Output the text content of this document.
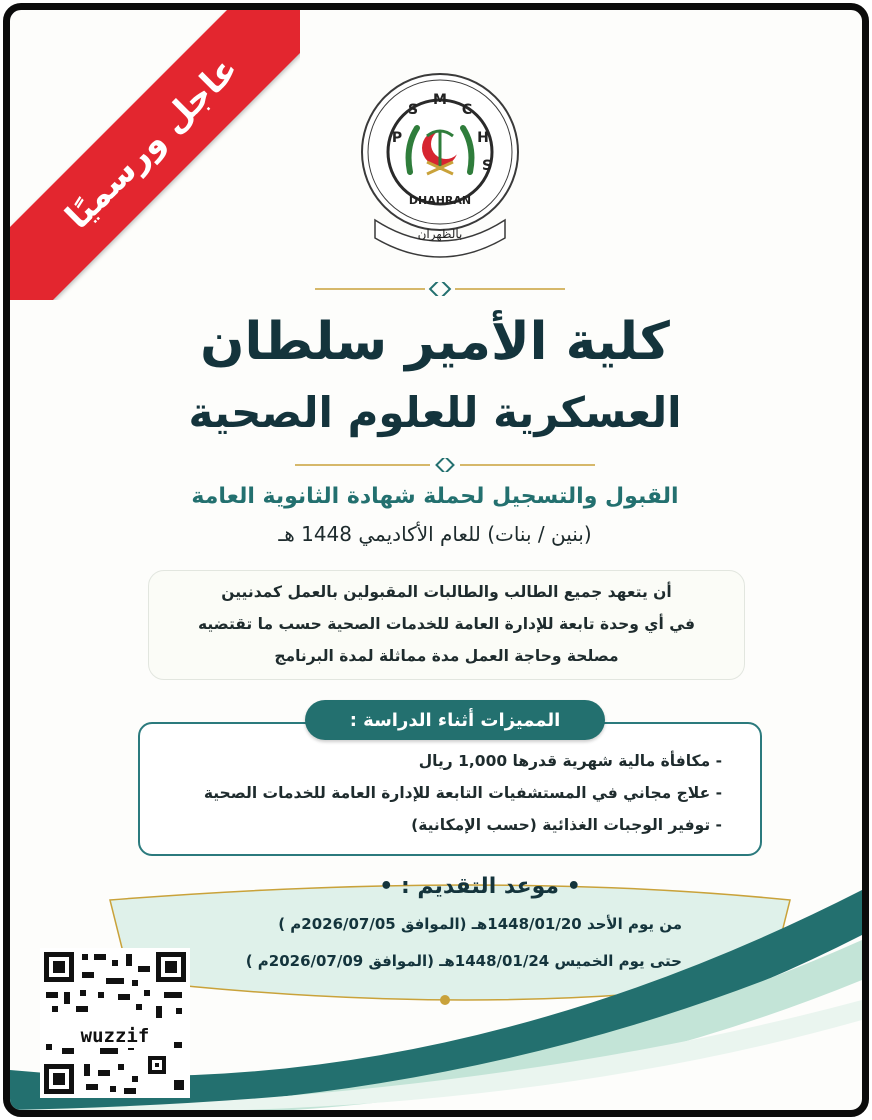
عاجل ورسميًا	P
S
M
C
H
S
DHAHRAN
بالظهران
كلية الأمير سلطان
العسكرية للعلوم الصحية
القبول والتسجيل لحملة شهادة الثانوية العامة
(بنين / بنات) للعام الأكاديمي 1448 هـ
أن يتعهد جميع الطالب والطالبات المقبولين بالعمل كمدنيين
في أي وحدة تابعة للإدارة العامة للخدمات الصحية حسب ما تقتضيه
مصلحة وحاجة العمل مدة مماثلة لمدة البرنامج
المميزات أثناء الدراسة :
- مكافأة مالية شهرية قدرها 1,000 ريال
- علاج مجاني في المستشفيات التابعة للإدارة العامة للخدمات الصحية
- توفير الوجبات الغذائية (حسب الإمكانية)
• موعد التقديم : •
من يوم الأحد 1448/01/20هـ (الموافق 2026/07/05م )
حتى يوم الخميس 1448/01/24هـ (الموافق 2026/07/09م )
wuzzif
